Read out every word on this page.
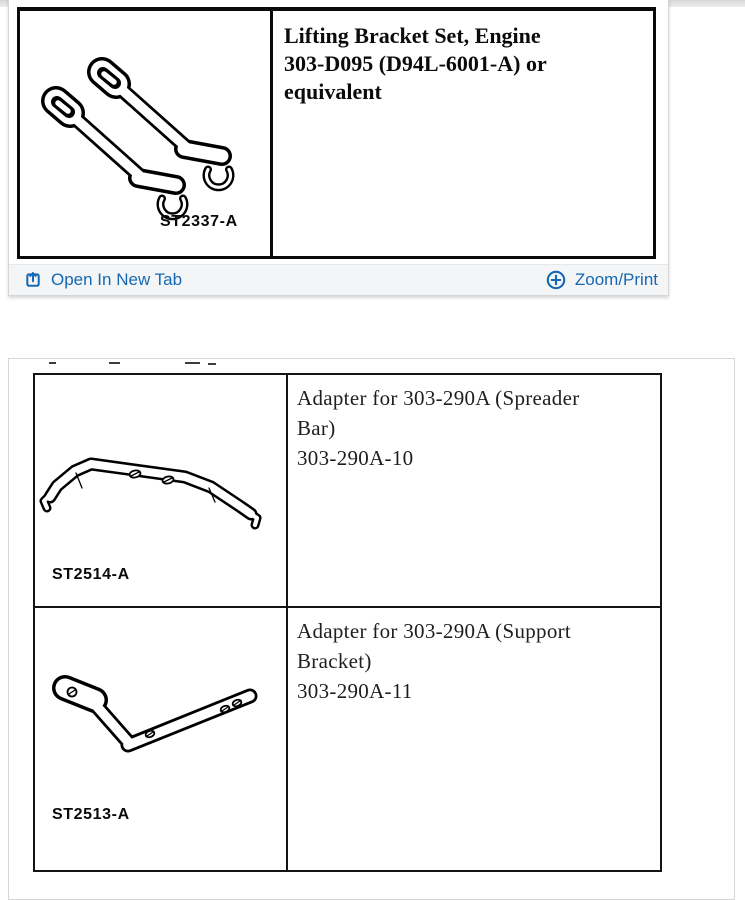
ST2337-A
Lifting Bracket Set, Engine
303-D095 (D94L-6001-A) or
equivalent
Open In New Tab	Zoom/Print
ST2514-A
Adapter for 303-290A (Spreader
Bar)
303-290A-10
ST2513-A
Adapter for 303-290A (Support
Bracket)
303-290A-11
